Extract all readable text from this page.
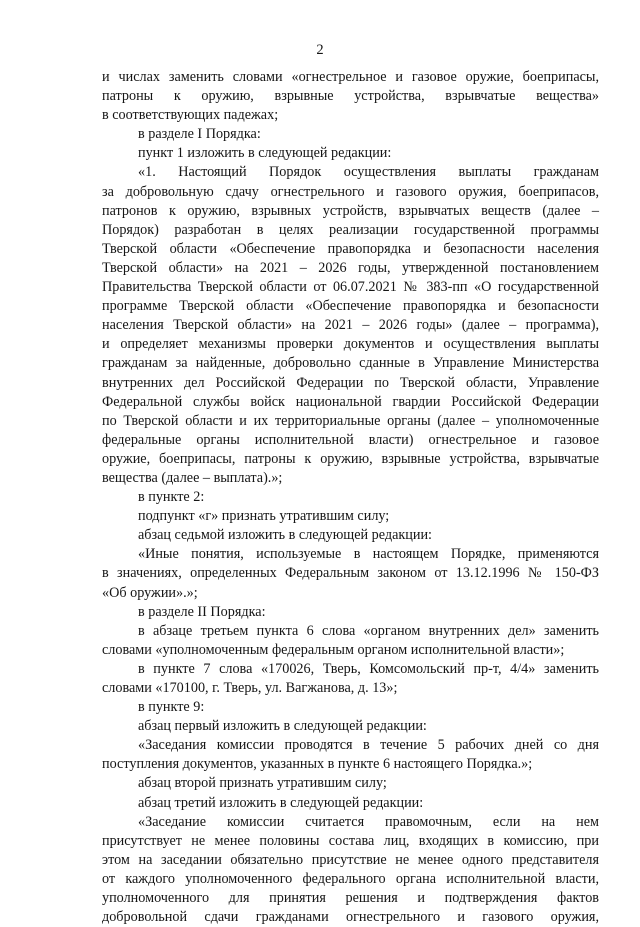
2
и числах заменить словами «огнестрельное и газовое оружие, боеприпасы,
патроны к оружию, взрывные устройства, взрывчатые вещества»
в соответствующих падежах;
в разделе I Порядка:
пункт 1 изложить в следующей редакции:
«1. Настоящий Порядок осуществления выплаты гражданам
за добровольную сдачу огнестрельного и газового оружия, боеприпасов,
патронов к оружию, взрывных устройств, взрывчатых веществ (далее –
Порядок) разработан в целях реализации государственной программы
Тверской области «Обеспечение правопорядка и безопасности населения
Тверской области» на 2021 – 2026 годы, утвержденной постановлением
Правительства Тверской области от 06.07.2021 № 383-пп «О государственной
программе Тверской области «Обеспечение правопорядка и безопасности
населения Тверской области» на 2021 – 2026 годы» (далее – программа),
и определяет механизмы проверки документов и осуществления выплаты
гражданам за найденные, добровольно сданные в Управление Министерства
внутренних дел Российской Федерации по Тверской области, Управление
Федеральной службы войск национальной гвардии Российской Федерации
по Тверской области и их территориальные органы (далее – уполномоченные
федеральные органы исполнительной власти) огнестрельное и газовое
оружие, боеприпасы, патроны к оружию, взрывные устройства, взрывчатые
вещества (далее – выплата).»;
в пункте 2:
подпункт «г» признать утратившим силу;
абзац седьмой изложить в следующей редакции:
«Иные понятия, используемые в настоящем Порядке, применяются
в значениях, определенных Федеральным законом от 13.12.1996 № 150-ФЗ
«Об оружии».»;
в разделе II Порядка:
в абзаце третьем пункта 6 слова «органом внутренних дел» заменить
словами «уполномоченным федеральным органом исполнительной власти»;
в пункте 7 слова «170026, Тверь, Комсомольский пр-т, 4/4» заменить
словами «170100, г. Тверь, ул. Вагжанова, д. 13»;
в пункте 9:
абзац первый изложить в следующей редакции:
«Заседания комиссии проводятся в течение 5 рабочих дней со дня
поступления документов, указанных в пункте 6 настоящего Порядка.»;
абзац второй признать утратившим силу;
абзац третий изложить в следующей редакции:
«Заседание комиссии считается правомочным, если на нем
присутствует не менее половины состава лиц, входящих в комиссию, при
этом на заседании обязательно присутствие не менее одного представителя
от каждого уполномоченного федерального органа исполнительной власти,
уполномоченного для принятия решения и подтверждения фактов
добровольной сдачи гражданами огнестрельного и газового оружия,
